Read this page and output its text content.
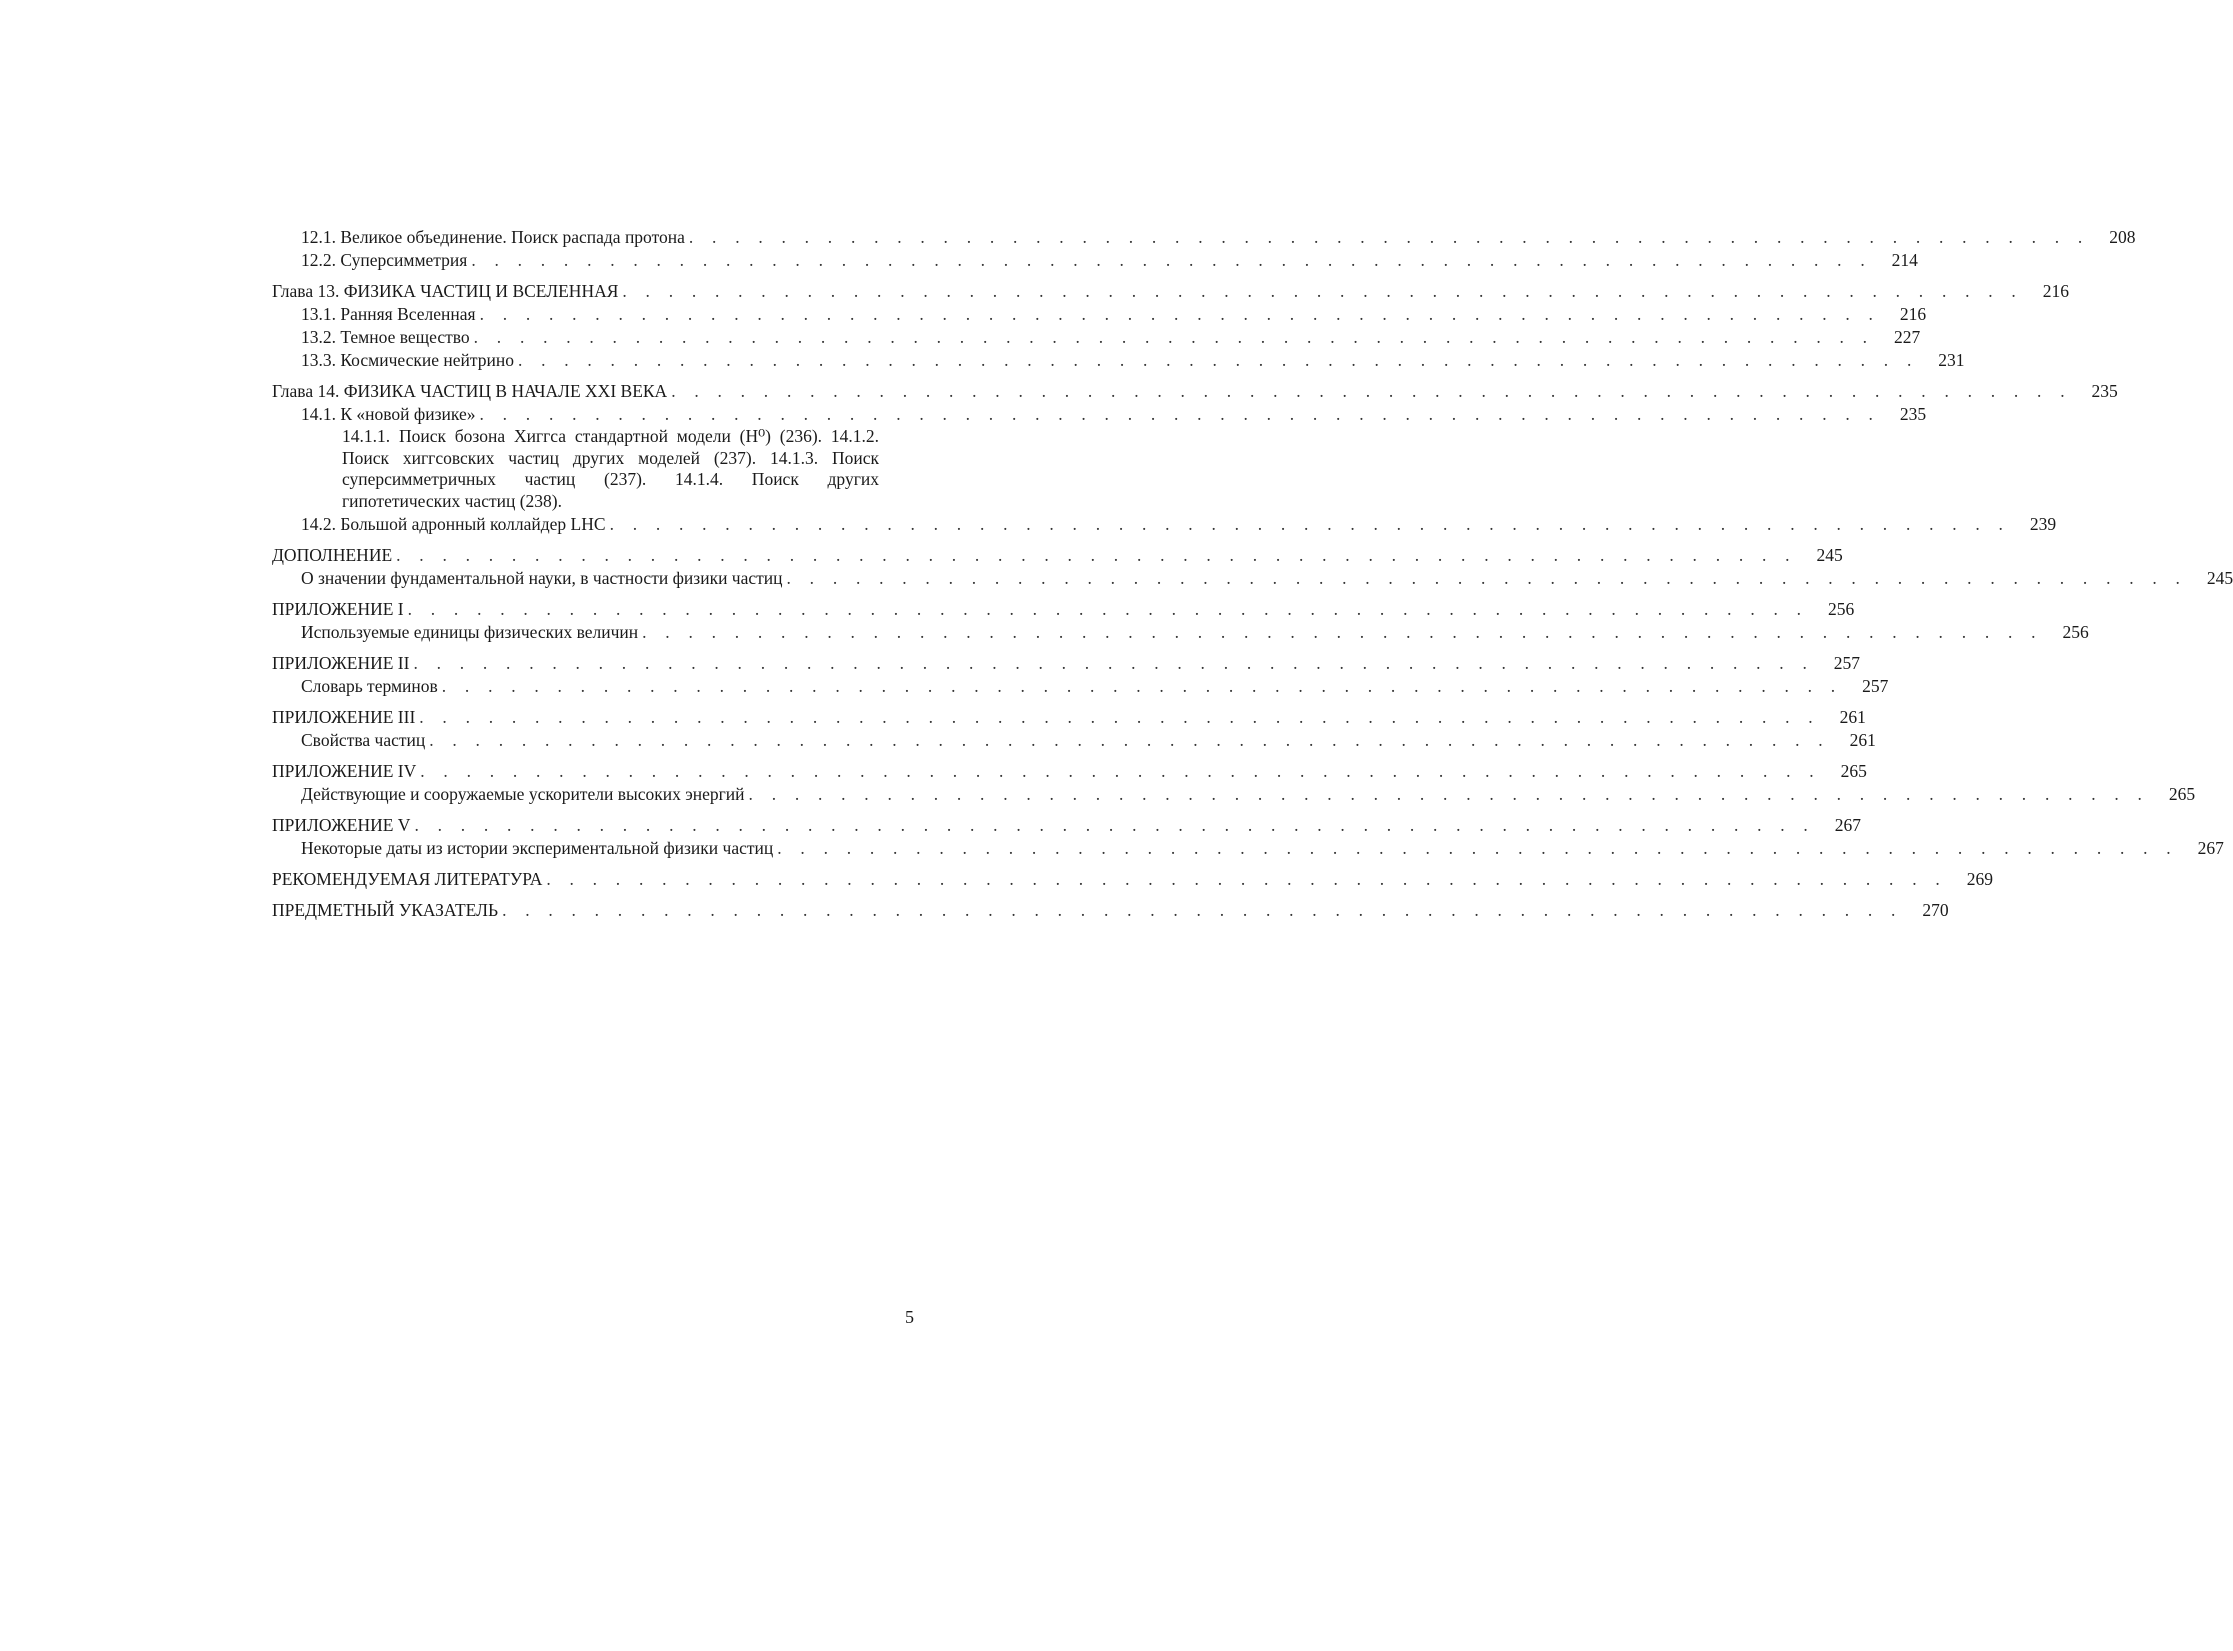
12.1. Великое объединение. Поиск распада протона . . . . . . . . . . . . . . . . . . . . . . . . . . . . . . . . . . . . . . . . . . . . . . . . . . . . . . . . . . . . .	208
12.2. Суперсимметрия . . . . . . . . . . . . . . . . . . . . . . . . . . . . . . . . . . . . . . . . . . . . . . . . . . . . . . . . . . . . .	214
Глава 13. ФИЗИКА ЧАСТИЦ И ВСЕЛЕННАЯ . . . . . . . . . . . . . . . . . . . . . . . . . . . . . . . . . . . . . . . . . . . . . . . . . . . . . . . . . . . . .	216
13.1. Ранняя Вселенная . . . . . . . . . . . . . . . . . . . . . . . . . . . . . . . . . . . . . . . . . . . . . . . . . . . . . . . . . . . . .	216
13.2. Темное вещество . . . . . . . . . . . . . . . . . . . . . . . . . . . . . . . . . . . . . . . . . . . . . . . . . . . . . . . . . . . . .	227
13.3. Космические нейтрино . . . . . . . . . . . . . . . . . . . . . . . . . . . . . . . . . . . . . . . . . . . . . . . . . . . . . . . . . . . . .	231
Глава 14. ФИЗИКА ЧАСТИЦ В НАЧАЛЕ XXI ВЕКА . . . . . . . . . . . . . . . . . . . . . . . . . . . . . . . . . . . . . . . . . . . . . . . . . . . . . . . . . . . . .	235
14.1. К «новой физике» . . . . . . . . . . . . . . . . . . . . . . . . . . . . . . . . . . . . . . . . . . . . . . . . . . . . . . . . . . . . .	235
14.1.1. Поиск бозона Хиггса стандартной модели (H⁰) (236). 14.1.2. Поиск хиггсовских частиц других моделей (237). 14.1.3. Поиск суперсимметричных частиц (237). 14.1.4. Поиск других гипотетических частиц (238).
14.2. Большой адронный коллайдер LHC . . . . . . . . . . . . . . . . . . . . . . . . . . . . . . . . . . . . . . . . . . . . . . . . . . . . . . . . . . . . .	239
ДОПОЛНЕНИЕ . . . . . . . . . . . . . . . . . . . . . . . . . . . . . . . . . . . . . . . . . . . . . . . . . . . . . . . . . . . . .	245
О значении фундаментальной науки, в частности физики частиц . . . . . . . . . . . . . . . . . . . . . . . . . . . . . . . . . . . . . . . . . . . . . . . . . . . . . . . . . . . . .	245
ПРИЛОЖЕНИЕ I . . . . . . . . . . . . . . . . . . . . . . . . . . . . . . . . . . . . . . . . . . . . . . . . . . . . . . . . . . . . .	256
Используемые единицы физических величин . . . . . . . . . . . . . . . . . . . . . . . . . . . . . . . . . . . . . . . . . . . . . . . . . . . . . . . . . . . . .	256
ПРИЛОЖЕНИЕ II . . . . . . . . . . . . . . . . . . . . . . . . . . . . . . . . . . . . . . . . . . . . . . . . . . . . . . . . . . . . .	257
Словарь терминов . . . . . . . . . . . . . . . . . . . . . . . . . . . . . . . . . . . . . . . . . . . . . . . . . . . . . . . . . . . . .	257
ПРИЛОЖЕНИЕ III . . . . . . . . . . . . . . . . . . . . . . . . . . . . . . . . . . . . . . . . . . . . . . . . . . . . . . . . . . . . .	261
Свойства частиц . . . . . . . . . . . . . . . . . . . . . . . . . . . . . . . . . . . . . . . . . . . . . . . . . . . . . . . . . . . . .	261
ПРИЛОЖЕНИЕ IV . . . . . . . . . . . . . . . . . . . . . . . . . . . . . . . . . . . . . . . . . . . . . . . . . . . . . . . . . . . . .	265
Действующие и сооружаемые ускорители высоких энергий . . . . . . . . . . . . . . . . . . . . . . . . . . . . . . . . . . . . . . . . . . . . . . . . . . . . . . . . . . . . .	265
ПРИЛОЖЕНИЕ V . . . . . . . . . . . . . . . . . . . . . . . . . . . . . . . . . . . . . . . . . . . . . . . . . . . . . . . . . . . . .	267
Некоторые даты из истории экспериментальной физики частиц . . . . . . . . . . . . . . . . . . . . . . . . . . . . . . . . . . . . . . . . . . . . . . . . . . . . . . . . . . . . .	267
РЕКОМЕНДУЕМАЯ ЛИТЕРАТУРА . . . . . . . . . . . . . . . . . . . . . . . . . . . . . . . . . . . . . . . . . . . . . . . . . . . . . . . . . . . . .	269
ПРЕДМЕТНЫЙ УКАЗАТЕЛЬ . . . . . . . . . . . . . . . . . . . . . . . . . . . . . . . . . . . . . . . . . . . . . . . . . . . . . . . . . . . . .	270
5
